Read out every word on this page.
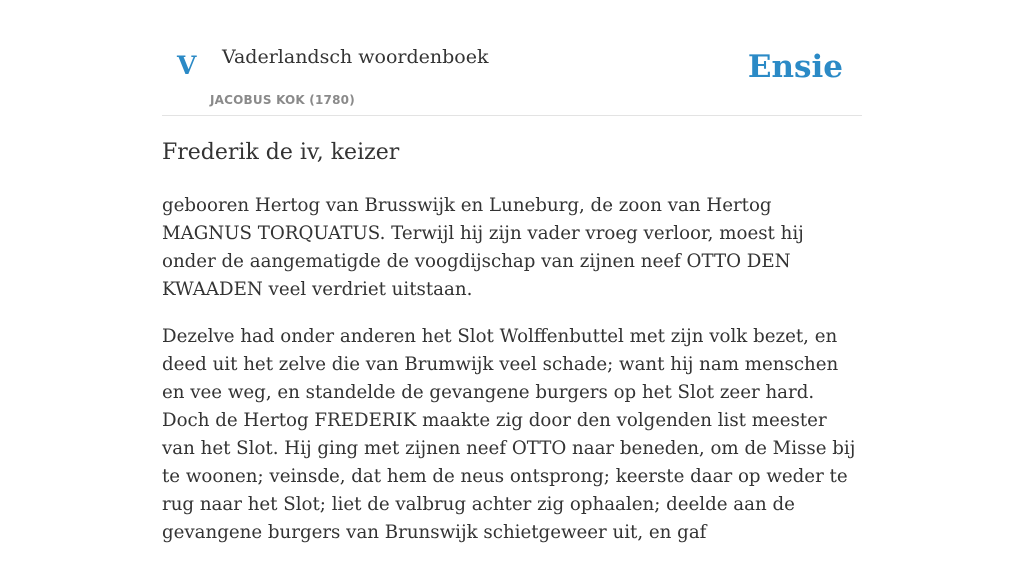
V Vaderlandsch woordenboek
JACOBUS KOK (1780)
Ensie
Frederik de iv, keizer

gebooren Hertog van Brusswijk en Luneburg, de zoon van Hertog MAGNUS TORQUATUS. Terwijl hij zijn vader vroeg verloor, moest hij onder de aangematigde de voogdijschap van zijnen neef OTTO DEN KWAADEN veel verdriet uitstaan.

Dezelve had onder anderen het Slot Wolffenbuttel met zijn volk bezet, en deed uit het zelve die van Brumwijk veel schade; want hij nam menschen en vee weg, en standelde de gevangene burgers op het Slot zeer hard. Doch de Hertog FREDERIK maakte zig door den volgenden list meester van het Slot. Hij ging met zijnen neef OTTO naar beneden, om de Misse bij te woonen; veinsde, dat hem de neus ontsprong; keerste daar op weder te rug naar het Slot; liet de valbrug achter zig ophaalen; deelde aan de gevangene burgers van Brunswijk schietgeweer uit, en gaf
